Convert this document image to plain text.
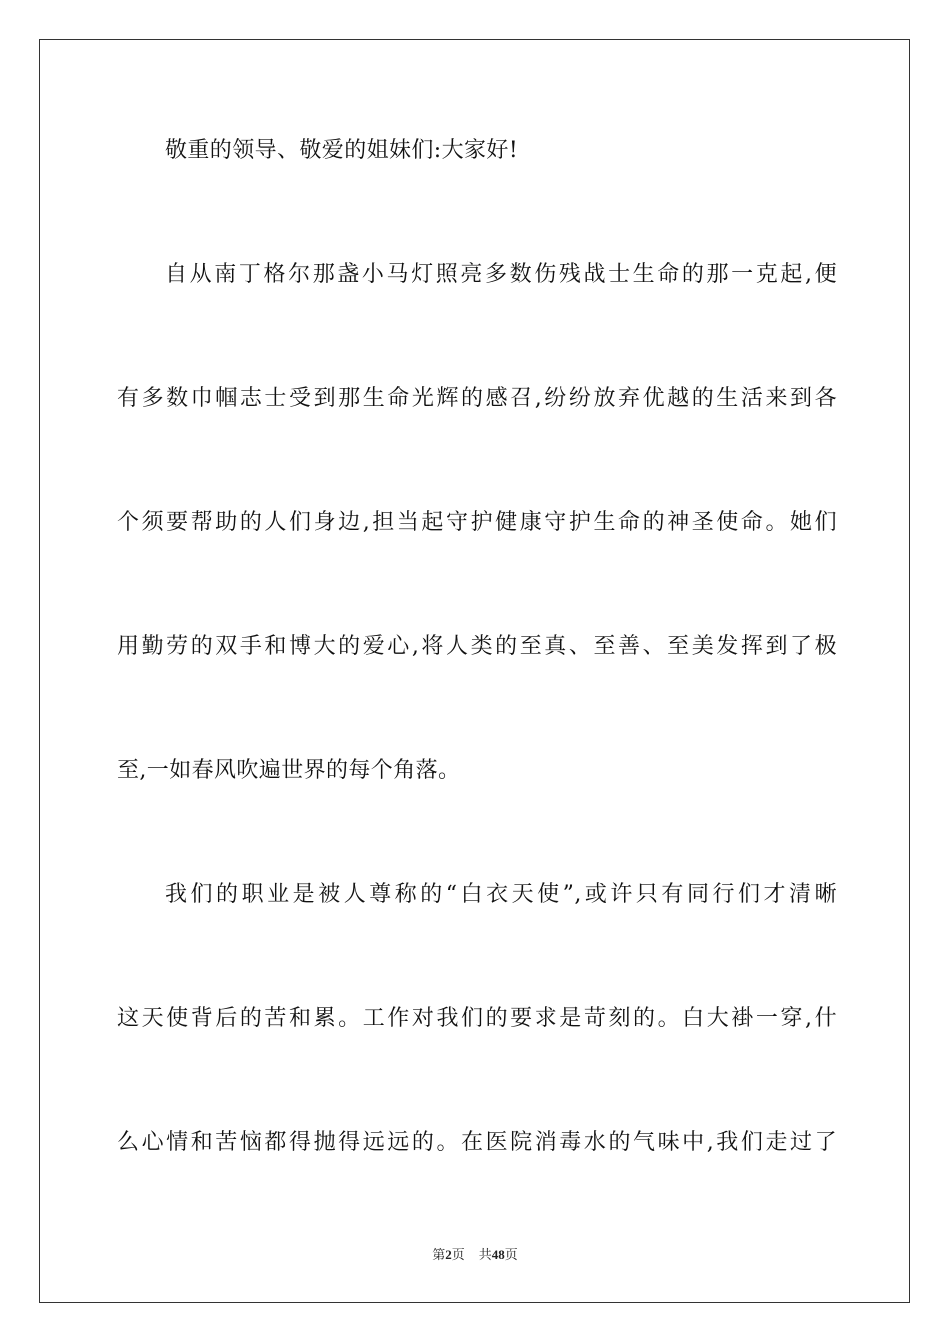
敬重的领导、敬爱的姐妹们:大家好!
自从南丁格尔那盏小马灯照亮多数伤残战士生命的那一克起,便
有多数巾帼志士受到那生命光辉的感召,纷纷放弃优越的生活来到各
个须要帮助的人们身边,担当起守护健康守护生命的神圣使命。她们
用勤劳的双手和博大的爱心,将人类的至真、至善、至美发挥到了极
至,一如春风吹遍世界的每个角落。
我们的职业是被人尊称的“白衣天使”,或许只有同行们才清晰
这天使背后的苦和累。工作对我们的要求是苛刻的。白大褂一穿,什
么心情和苦恼都得抛得远远的。在医院消毒水的气味中,我们走过了
第2页 共48页
